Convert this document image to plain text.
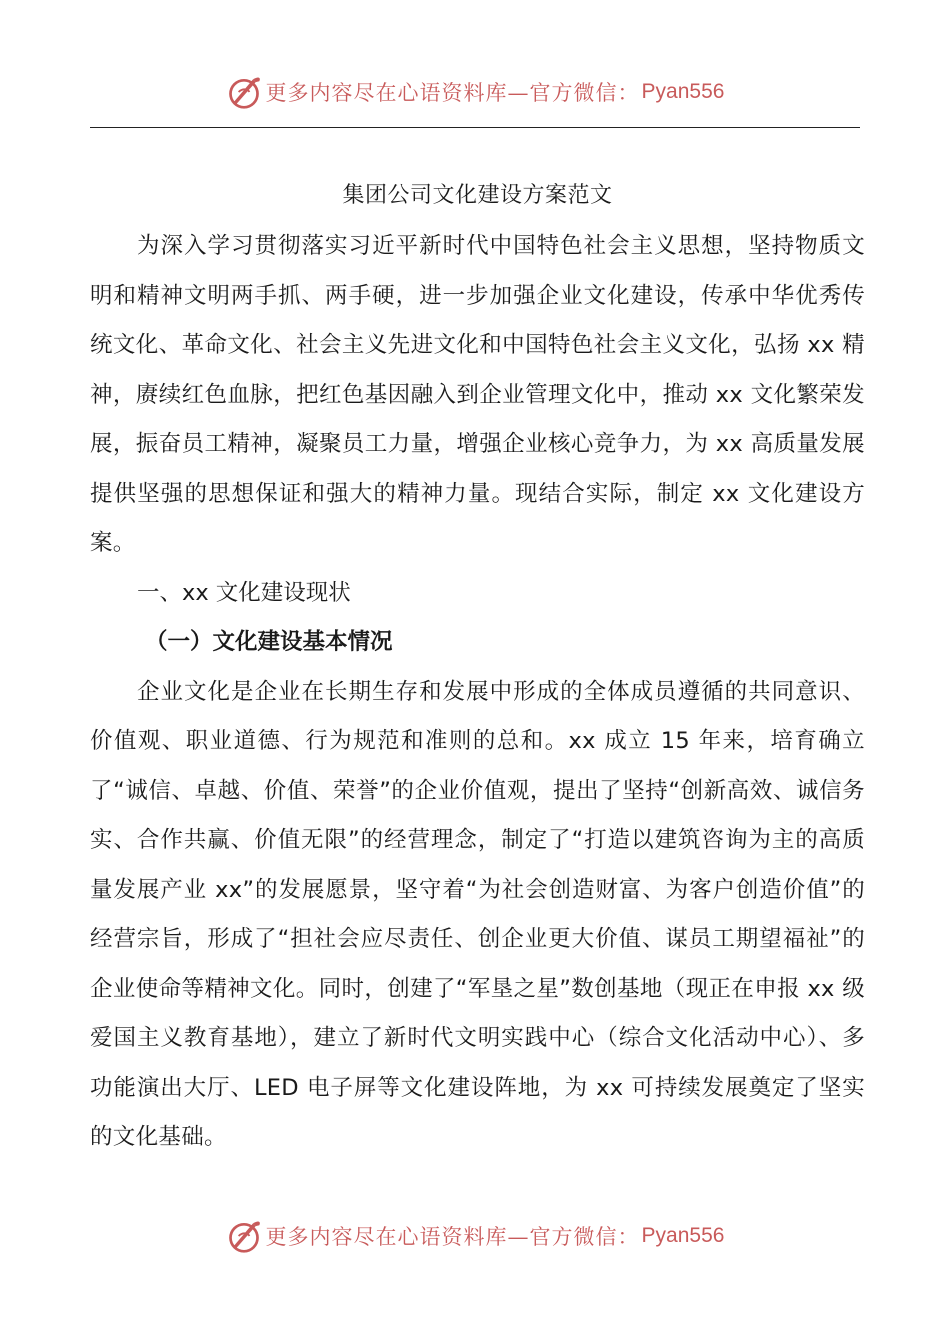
更多内容尽在心语资料库—官方微信： Pyan556
集团公司文化建设方案范文

为深入学习贯彻落实习近平新时代中国特色社会主义思想，坚持物质文明和精神文明两手抓、两手硬，进一步加强企业文化建设，传承中华优秀传统文化、革命文化、社会主义先进文化和中国特色社会主义文化，弘扬 xx 精神，赓续红色血脉，把红色基因融入到企业管理文化中，推动 xx 文化繁荣发展，振奋员工精神，凝聚员工力量，增强企业核心竞争力，为 xx 高质量发展提供坚强的思想保证和强大的精神力量。现结合实际，制定 xx 文化建设方案。

一、xx 文化建设现状
（一）文化建设基本情况

企业文化是企业在长期生存和发展中形成的全体成员遵循的共同意识、价值观、职业道德、行为规范和准则的总和。xx 成立 15 年来，培育确立了“诚信、卓越、价值、荣誉”的企业价值观，提出了坚持“创新高效、诚信务实、合作共赢、价值无限”的经营理念，制定了“打造以建筑咨询为主的高质量发展产业 xx”的发展愿景，坚守着“为社会创造财富、为客户创造价值”的经营宗旨，形成了“担社会应尽责任、创企业更大价值、谋员工期望福祉”的企业使命等精神文化。同时，创建了“军垦之星”数创基地（现正在申报 xx 级爱国主义教育基地），建立了新时代文明实践中心（综合文化活动中心）、多功能演出大厅、LED 电子屏等文化建设阵地，为 xx 可持续发展奠定了坚实的文化基础。

更多内容尽在心语资料库—官方微信： Pyan556
